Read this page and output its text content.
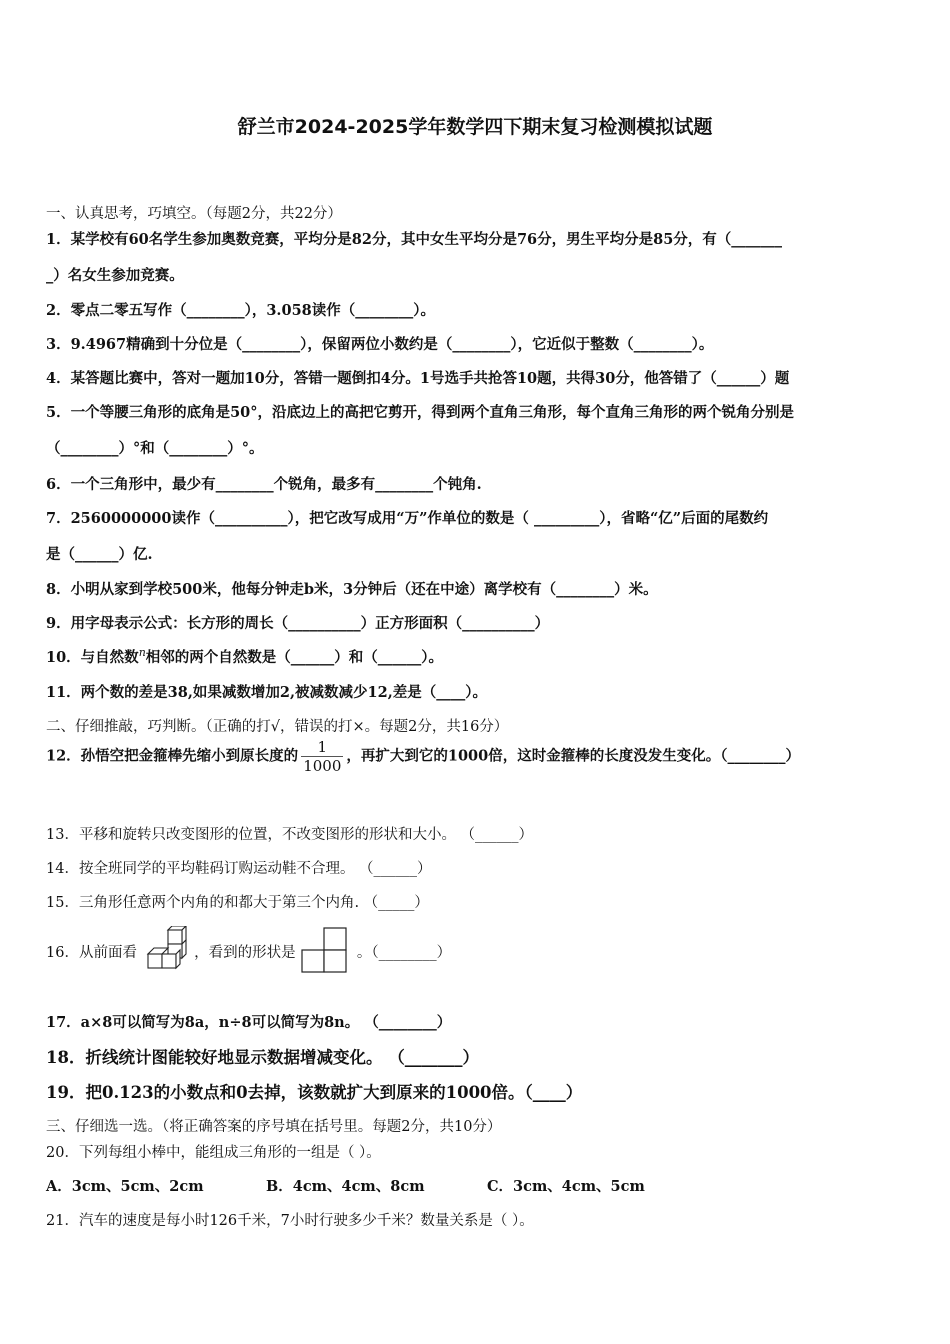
舒兰市2024-2025学年数学四下期末复习检测模拟试题
一、认真思考，巧填空。（每题2分，共22分）
1．某学校有60名学生参加奥数竞赛，平均分是82分，其中女生平均分是76分，男生平均分是85分，有（_______
_）名女生参加竞赛。
2．零点二零五写作（________），3.058读作（________）。
3．9.4967精确到十分位是（________），保留两位小数约是（________），它近似于整数（________）。
4．某答题比赛中，答对一题加10分，答错一题倒扣4分。1号选手共抢答10题，共得30分，他答错了（______）题
5．一个等腰三角形的底角是50°，沿底边上的高把它剪开，得到两个直角三角形，每个直角三角形的两个锐角分别是
（________）°和（________）°。
6．一个三角形中，最少有________个锐角，最多有________个钝角.
7．2560000000读作（__________），把它改写成用“万”作单位的数是（ _________），省略“亿”后面的尾数约
是（______）亿.
8．小明从家到学校500米，他每分钟走b米，3分钟后（还在中途）离学校有（________）米。
9．用字母表示公式：长方形的周长（__________）正方形面积（__________）
10．与自然数$^n$相邻的两个自然数是（______）和（______）。
11．两个数的差是38,如果减数增加2,被减数减少12,差是（____）。
二、仔细推敲，巧判断。（正确的打√，错误的打×。每题2分，共16分）
12．孙悟空把金箍棒先缩小到原长度的 $\frac{1}{1000}$ ，再扩大到它的1000倍，这时金箍棒的长度没发生变化。（________）
13．平移和旋转只改变图形的位置，不改变图形的形状和大小。 （______）
14．按全班同学的平均鞋码订购运动鞋不合理。 （______）
15．三角形任意两个内角的和都大于第三个内角. （_____）
16．从前面看	，看到的形状是	。（________）
17．a×8可以简写为8a，n÷8可以简写为8n。 （________）
18．折线统计图能较好地显示数据增减变化。 （_______）
19．把0.123的小数点和0去掉，该数就扩大到原来的1000倍。（____）
三、仔细选一选。（将正确答案的序号填在括号里。每题2分，共10分）
20．下列每组小棒中，能组成三角形的一组是（ ）。
A．3cm、5cm、2cm	B．4cm、4cm、8cm	C．3cm、4cm、5cm
21．汽车的速度是每小时126千米，7小时行驶多少千米？数量关系是（ ）。
